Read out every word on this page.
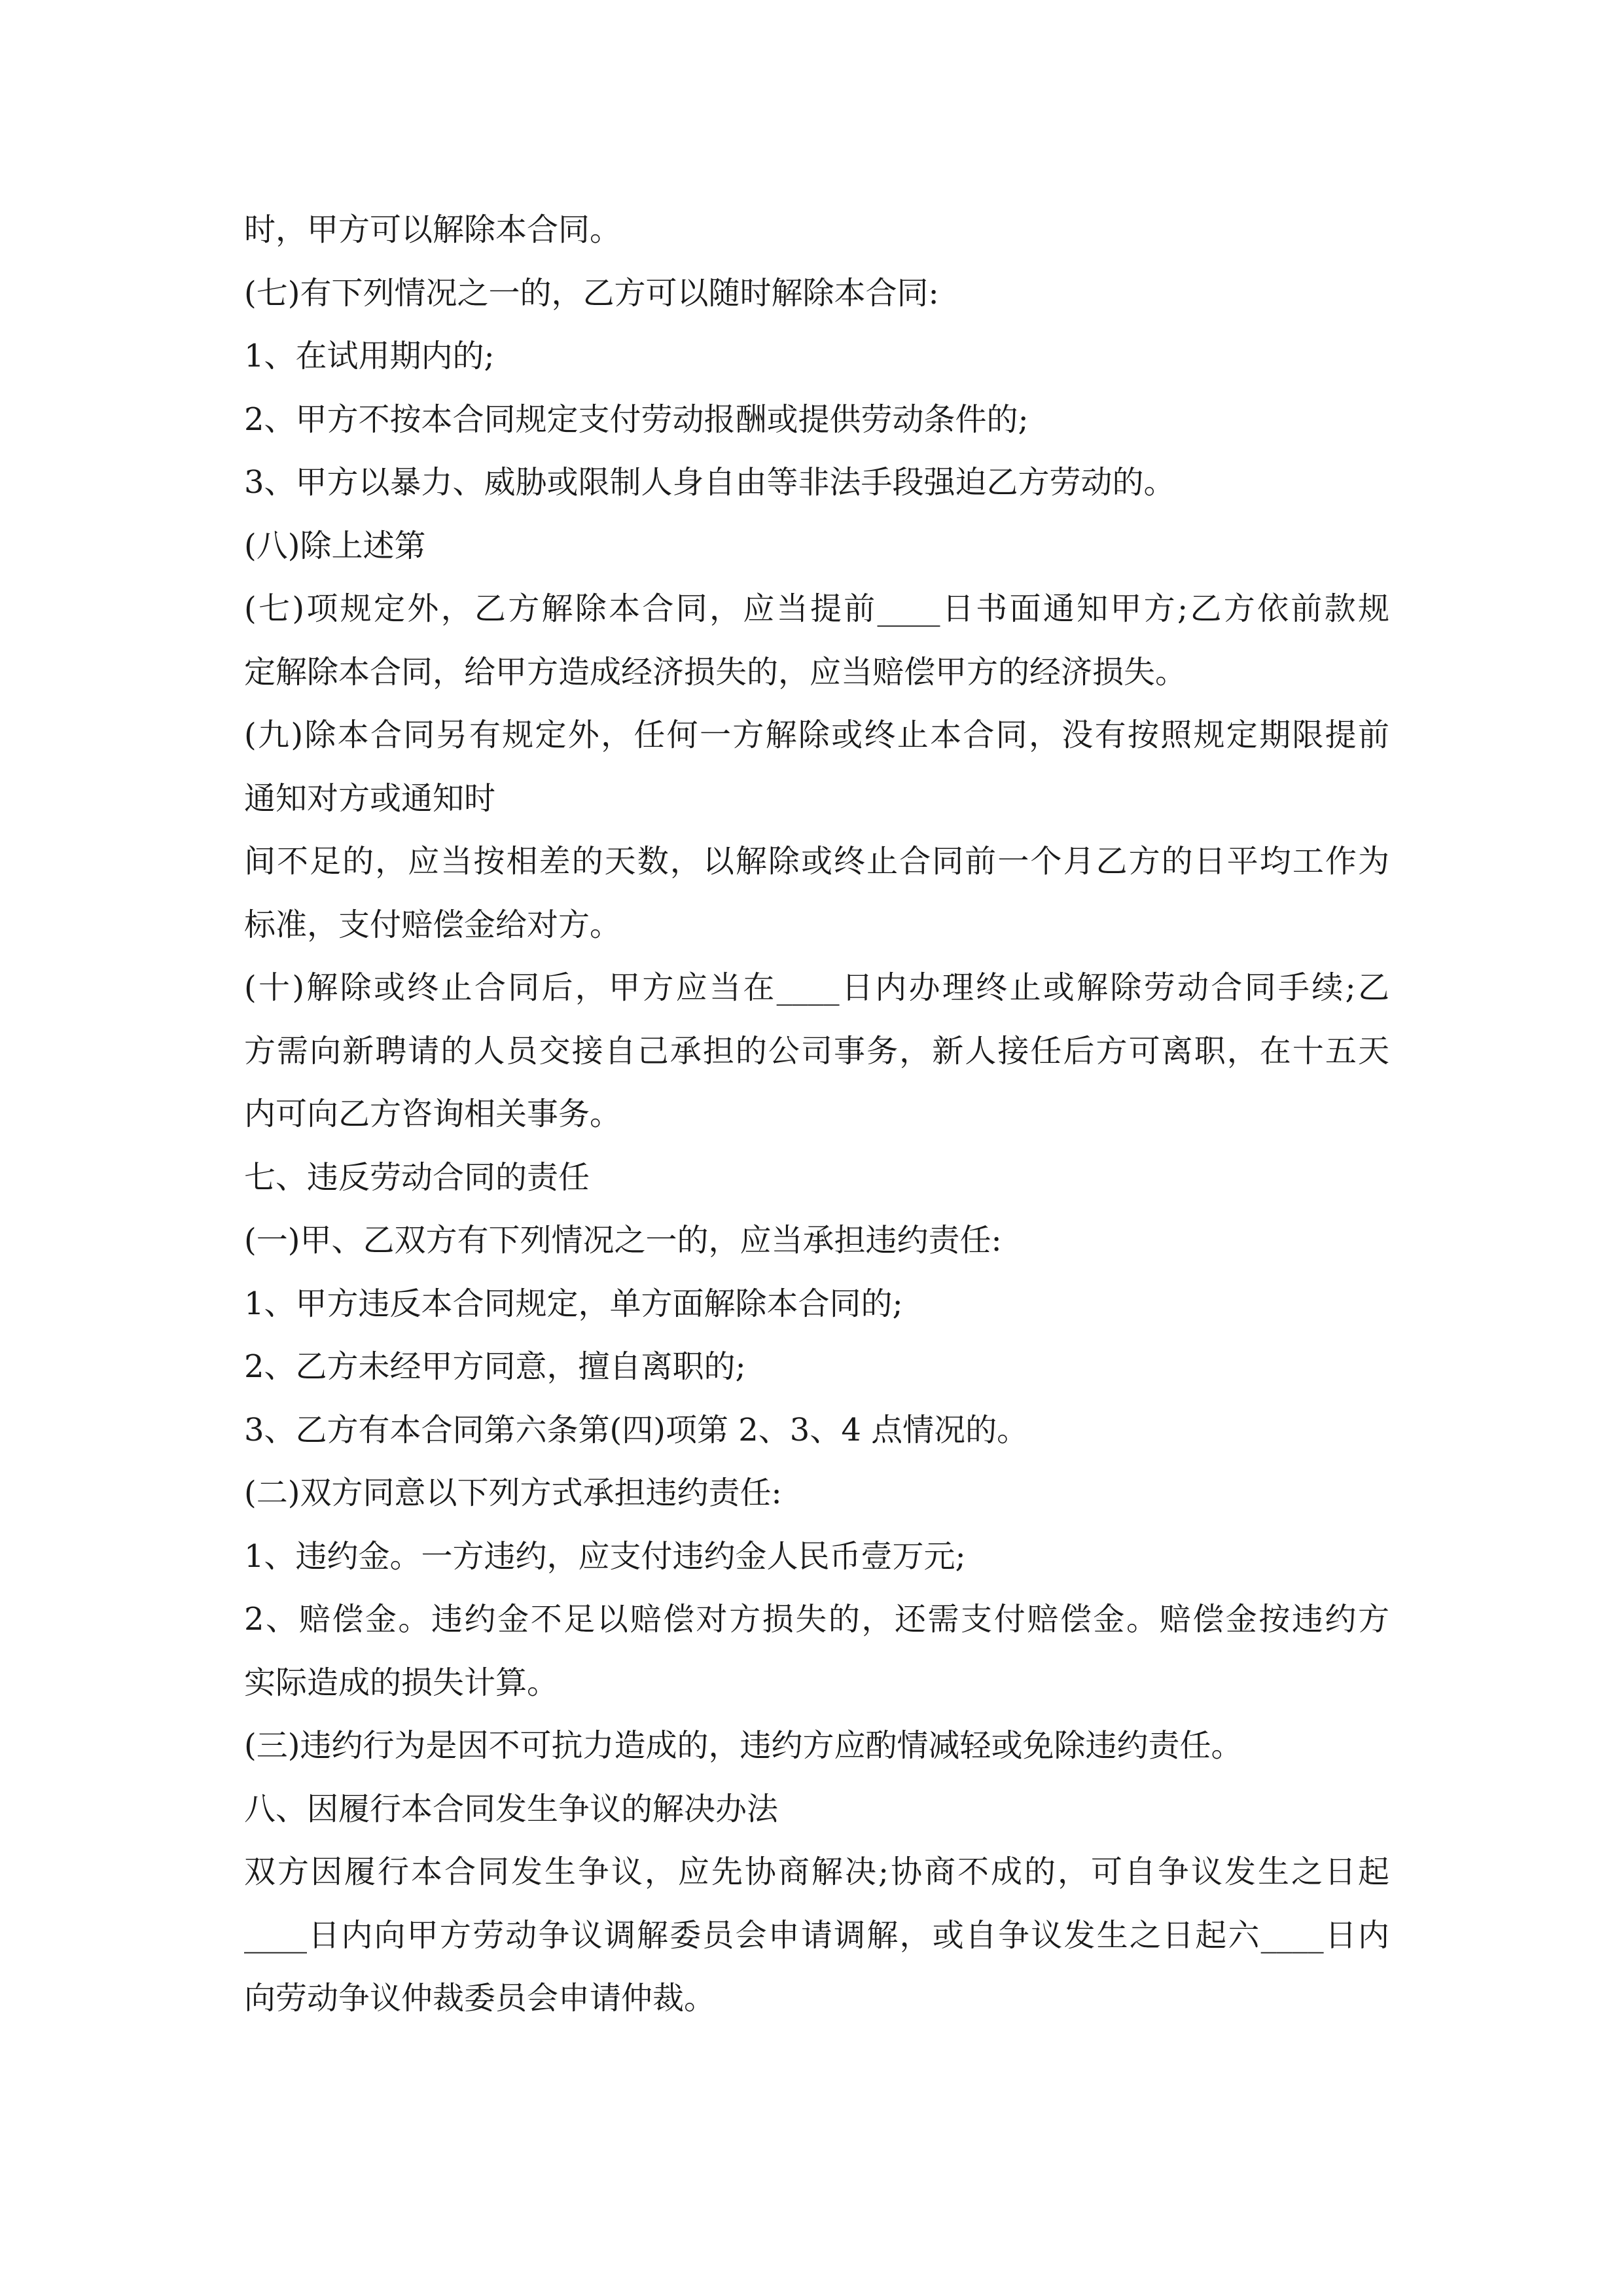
时，甲方可以解除本合同。
(七)有下列情况之一的，乙方可以随时解除本合同:
1、在试用期内的;
2、甲方不按本合同规定支付劳动报酬或提供劳动条件的;
3、甲方以暴力、威胁或限制人身自由等非法手段强迫乙方劳动的。
(八)除上述第
(七)项规定外，乙方解除本合同，应当提前____日书面通知甲方;乙方依前款规
定解除本合同，给甲方造成经济损失的，应当赔偿甲方的经济损失。
(九)除本合同另有规定外，任何一方解除或终止本合同，没有按照规定期限提前
通知对方或通知时
间不足的，应当按相差的天数，以解除或终止合同前一个月乙方的日平均工作为
标准，支付赔偿金给对方。
(十)解除或终止合同后，甲方应当在____日内办理终止或解除劳动合同手续;乙
方需向新聘请的人员交接自己承担的公司事务，新人接任后方可离职，在十五天
内可向乙方咨询相关事务。
七、违反劳动合同的责任
(一)甲、乙双方有下列情况之一的，应当承担违约责任:
1、甲方违反本合同规定，单方面解除本合同的;
2、乙方未经甲方同意，擅自离职的;
3、乙方有本合同第六条第(四)项第 2、3、4 点情况的。
(二)双方同意以下列方式承担违约责任:
1、违约金。一方违约，应支付违约金人民币壹万元;
2、赔偿金。违约金不足以赔偿对方损失的，还需支付赔偿金。赔偿金按违约方
实际造成的损失计算。
(三)违约行为是因不可抗力造成的，违约方应酌情减轻或免除违约责任。
八、因履行本合同发生争议的解决办法
双方因履行本合同发生争议，应先协商解决;协商不成的，可自争议发生之日起
____日内向甲方劳动争议调解委员会申请调解，或自争议发生之日起六____日内
向劳动争议仲裁委员会申请仲裁。
